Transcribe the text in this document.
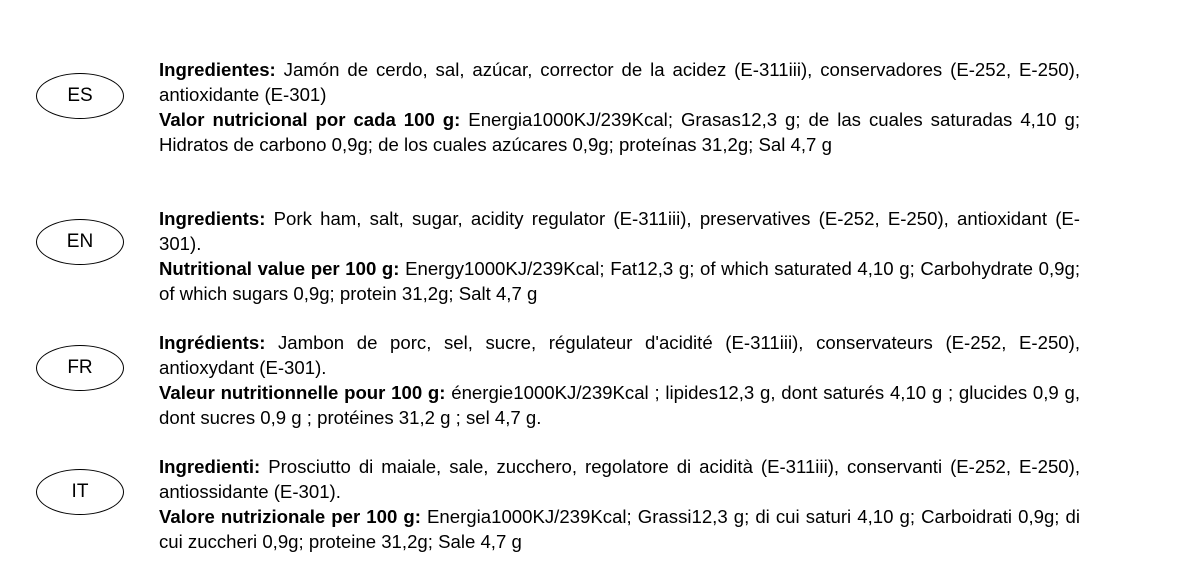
ES

Ingredientes: Jamón de cerdo, sal, azúcar, corrector de la acidez (E-311iii), conservadores (E-252, E-250), antioxidante (E-301)

Valor nutricional por cada 100 g: Energia1000KJ/239Kcal; Grasas12,3 g; de las cuales saturadas 4,10 g; Hidratos de carbono 0,9g; de los cuales azúcares 0,9g; proteínas 31,2g; Sal 4,7 g

EN

Ingredients: Pork ham, salt, sugar, acidity regulator (E-311iii), preservatives (E-252, E-250), antioxidant (E-301).

Nutritional value per 100 g: Energy1000KJ/239Kcal; Fat12,3 g; of which saturated 4,10 g; Carbohydrate 0,9g; of which sugars 0,9g; protein 31,2g; Salt 4,7 g

FR

Ingrédients: Jambon de porc, sel, sucre, régulateur d'acidité (E-311iii), conservateurs (E-252, E-250), antioxydant (E-301).

Valeur nutritionnelle pour 100 g: énergie1000KJ/239Kcal ; lipides12,3 g, dont saturés 4,10 g ; glucides 0,9 g, dont sucres 0,9 g ; protéines 31,2 g ; sel 4,7 g.

IT

Ingredienti: Prosciutto di maiale, sale, zucchero, regolatore di acidità (E-311iii), conservanti (E-252, E-250), antiossidante (E-301).

Valore nutrizionale per 100 g: Energia1000KJ/239Kcal; Grassi12,3 g; di cui saturi 4,10 g; Carboidrati 0,9g; di cui zuccheri 0,9g; proteine 31,2g; Sale 4,7 g
